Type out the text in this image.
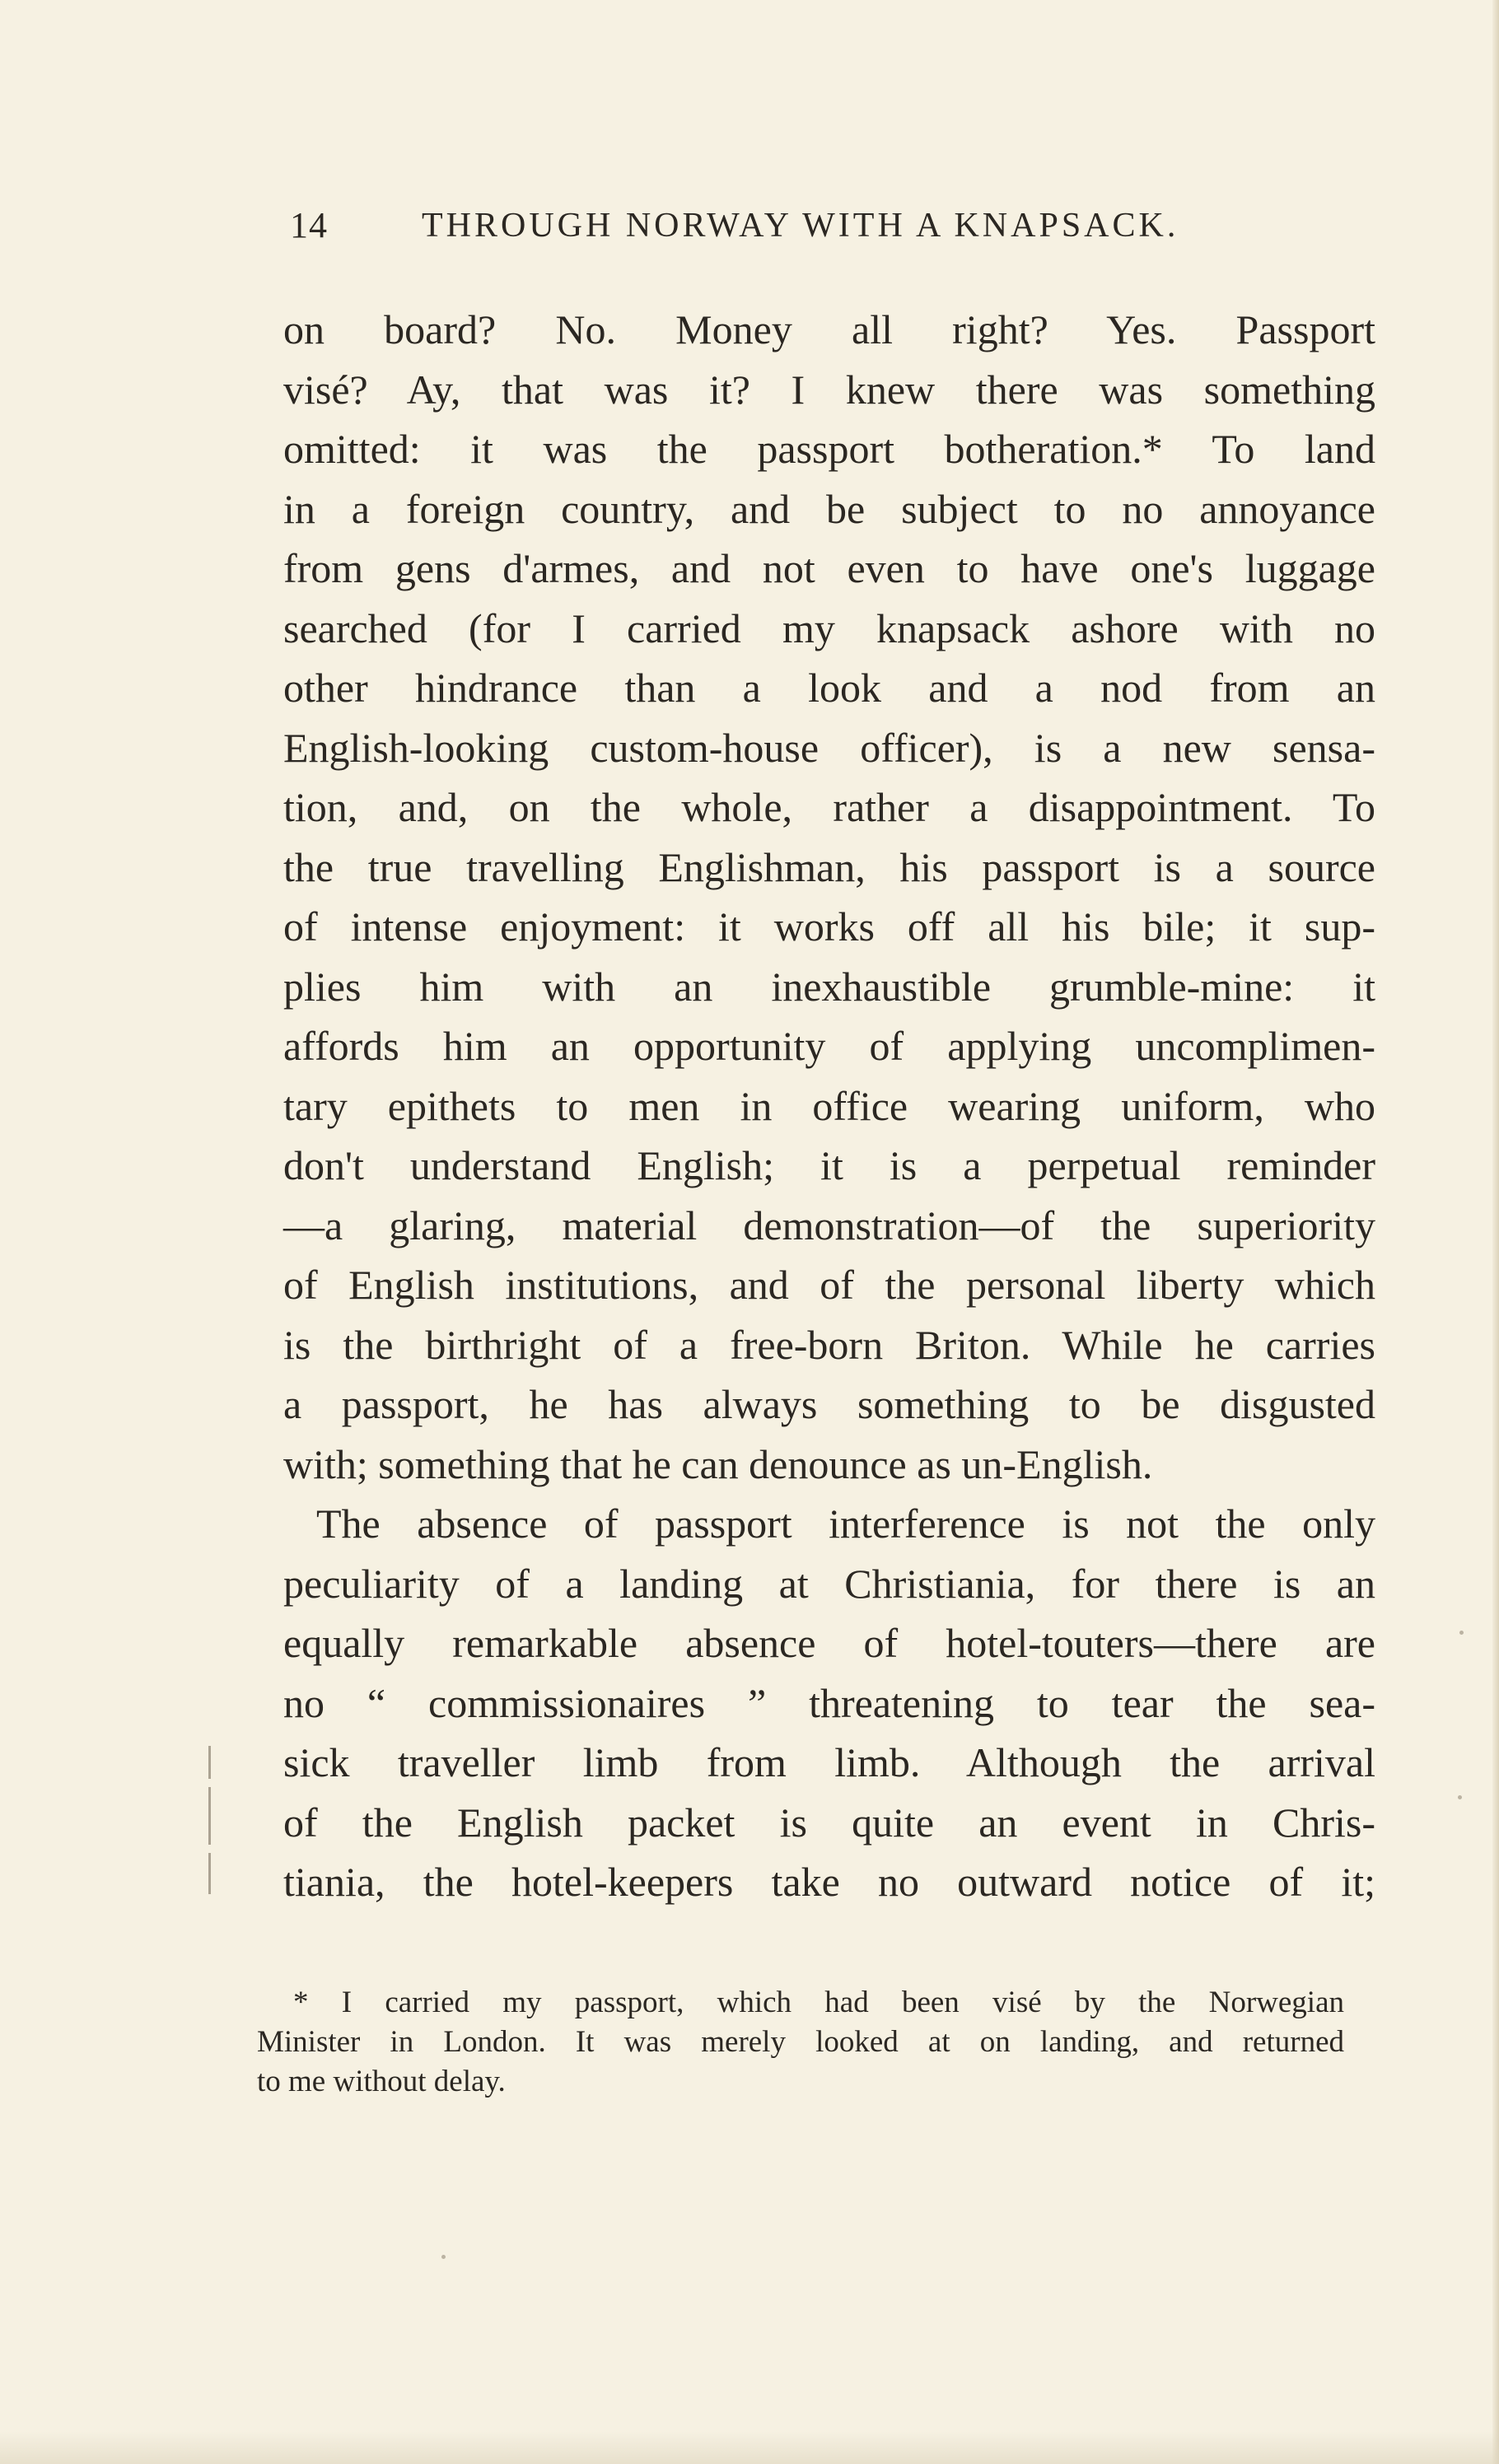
14	THROUGH NORWAY WITH A KNAPSACK.
on board? No. Money all right? Yes. Passport
visé? Ay, that was it? I knew there was something
omitted: it was the passport botheration.* To land
in a foreign country, and be subject to no annoyance
from gens d'armes, and not even to have one's luggage
searched (for I carried my knapsack ashore with no
other hindrance than a look and a nod from an
English-looking custom-house officer), is a new sensa-
tion, and, on the whole, rather a disappointment. To
the true travelling Englishman, his passport is a source
of intense enjoyment: it works off all his bile; it sup-
plies him with an inexhaustible grumble-mine: it
affords him an opportunity of applying uncomplimen-
tary epithets to men in office wearing uniform, who
don't understand English; it is a perpetual reminder
—a glaring, material demonstration—of the superiority
of English institutions, and of the personal liberty which
is the birthright of a free-born Briton. While he carries
a passport, he has always something to be disgusted
with; something that he can denounce as un-English.
The absence of passport interference is not the only
peculiarity of a landing at Christiania, for there is an
equally remarkable absence of hotel-touters—there are
no “ commissionaires ” threatening to tear the sea-
sick traveller limb from limb. Although the arrival
of the English packet is quite an event in Chris-
tiania, the hotel-keepers take no outward notice of it;
* I carried my passport, which had been visé by the Norwegian
Minister in London. It was merely looked at on landing, and returned
to me without delay.
